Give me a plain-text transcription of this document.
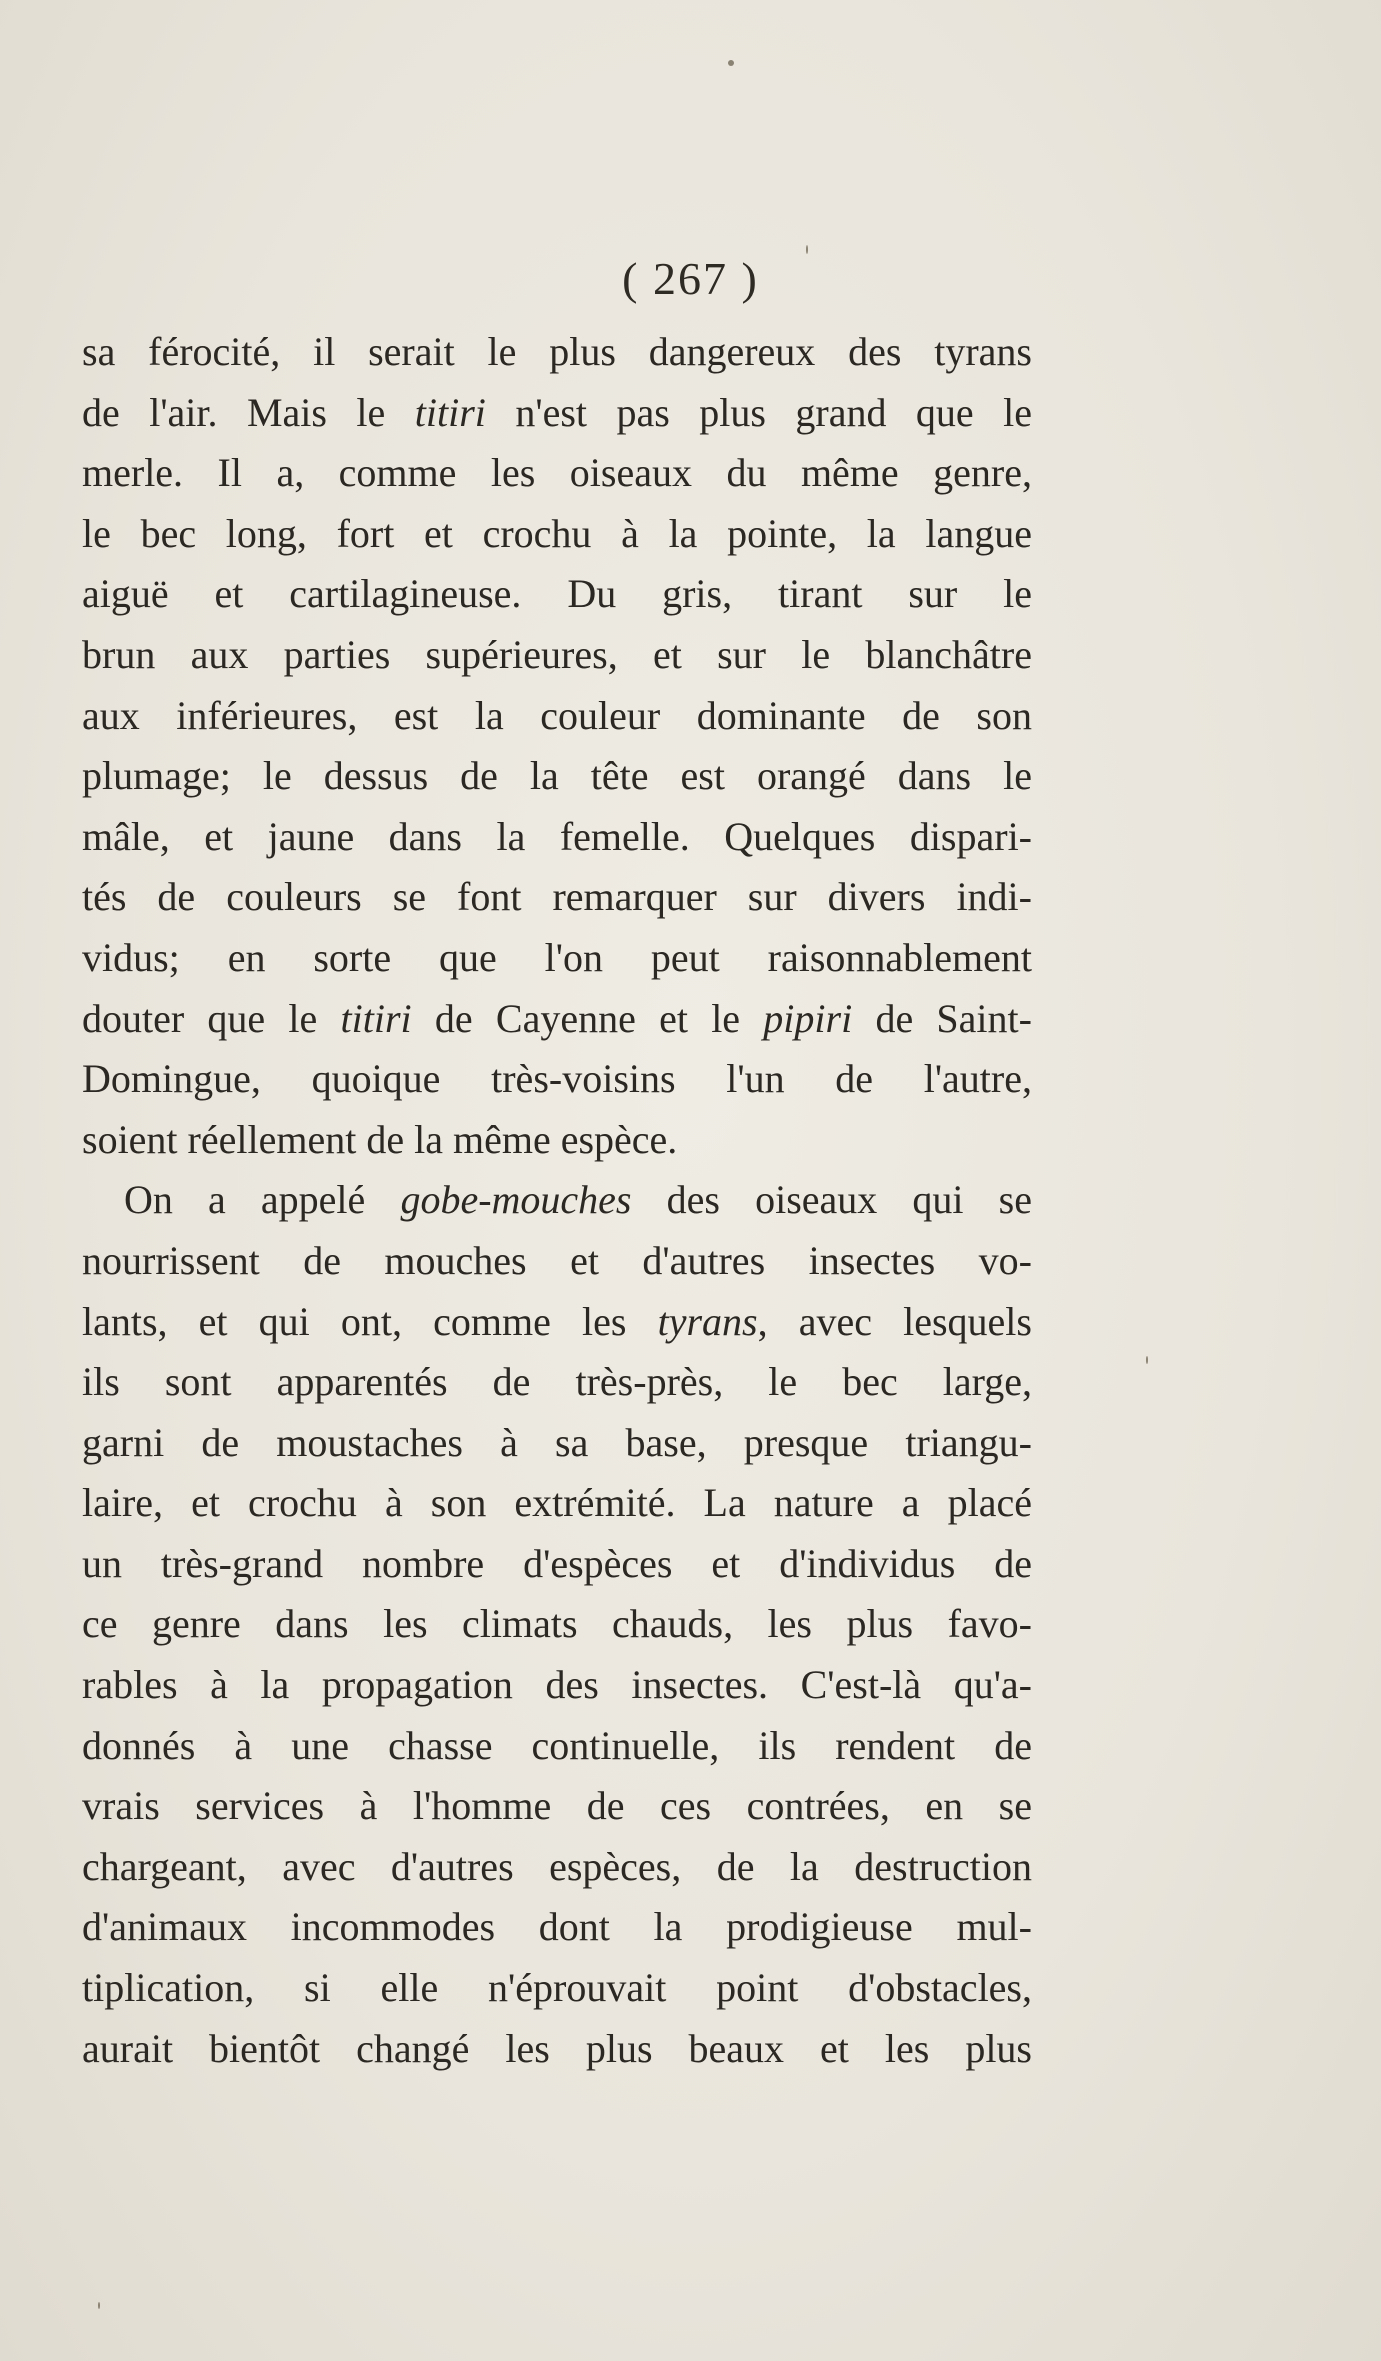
( 267 )
sa férocité, il serait le plus dangereux des tyrans
de l'air. Mais le titiri n'est pas plus grand que le
merle. Il a, comme les oiseaux du même genre,
le bec long, fort et crochu à la pointe, la langue
aiguë et cartilagineuse. Du gris, tirant sur le
brun aux parties supérieures, et sur le blanchâtre
aux inférieures, est la couleur dominante de son
plumage; le dessus de la tête est orangé dans le
mâle, et jaune dans la femelle. Quelques dispari-
tés de couleurs se font remarquer sur divers indi-
vidus; en sorte que l'on peut raisonnablement
douter que le titiri de Cayenne et le pipiri de Saint-
Domingue, quoique très-voisins l'un de l'autre,
soient réellement de la même espèce.
On a appelé gobe-mouches des oiseaux qui se
nourrissent de mouches et d'autres insectes vo-
lants, et qui ont, comme les tyrans, avec lesquels
ils sont apparentés de très-près, le bec large,
garni de moustaches à sa base, presque triangu-
laire, et crochu à son extrémité. La nature a placé
un très-grand nombre d'espèces et d'individus de
ce genre dans les climats chauds, les plus favo-
rables à la propagation des insectes. C'est-là qu'a-
donnés à une chasse continuelle, ils rendent de
vrais services à l'homme de ces contrées, en se
chargeant, avec d'autres espèces, de la destruction
d'animaux incommodes dont la prodigieuse mul-
tiplication, si elle n'éprouvait point d'obstacles,
aurait bientôt changé les plus beaux et les plus
